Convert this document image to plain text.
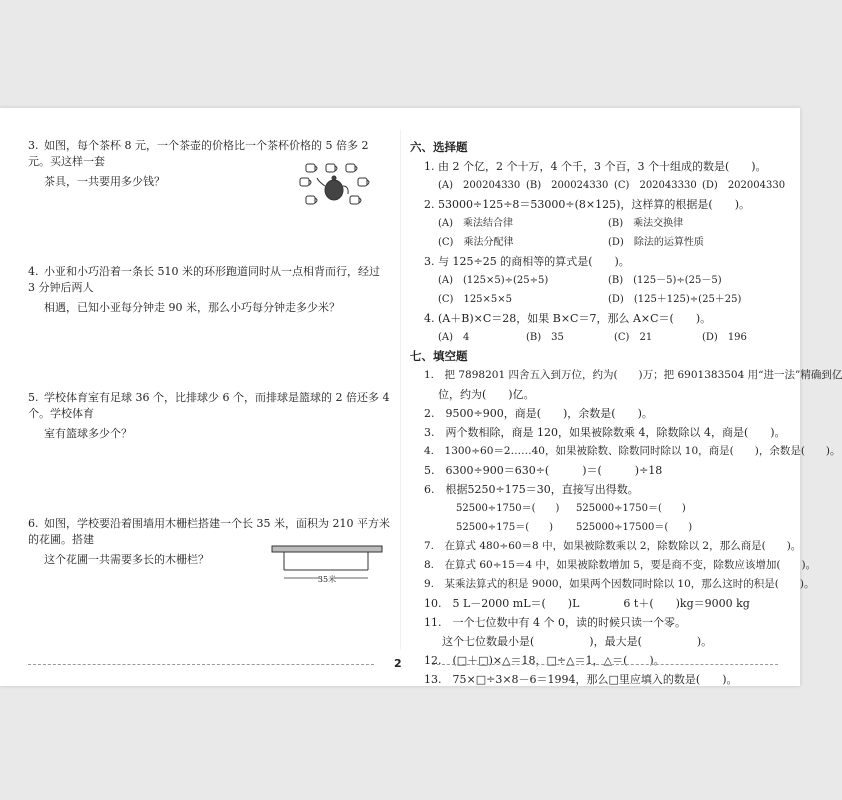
3. 如图，每个茶杯 8 元，一个茶壶的价格比一个茶杯价格的 5 倍多 2 元。买这样一套

茶具，一共要用多少钱？

4. 小亚和小巧沿着一条长 510 米的环形跑道同时从一点相背而行，经过 3 分钟后两人

相遇，已知小亚每分钟走 90 米，那么小巧每分钟走多少米？

5. 学校体育室有足球 36 个，比排球少 6 个，而排球是篮球的 2 倍还多 4 个。学校体育

室有篮球多少个？

6. 如图，学校要沿着围墙用木栅栏搭建一个长 35 米，面积为 210 平方米的花圃。搭建

这个花圃一共需要多长的木栅栏？

35米
六、选择题
1. 由 2 个亿，2 个十万，4 个千，3 个百，3 个十组成的数是(　　)。
(A)　200204330 (B)　200024330 (C)　202043330 (D)　202004330
2. 53000÷125÷8＝53000÷(8×125)，这样算的根据是(　　)。
(A)　乘法结合律	(B)　乘法交换律
(C)　乘法分配律	(D)　除法的运算性质
3. 与 125÷25 的商相等的算式是(　　)。
(A)　(125×5)÷(25÷5)	(B)　(125－5)÷(25－5)
(C)　125×5×5	(D)　(125＋125)÷(25＋25)
4. (A＋B)×C＝28，如果 B×C＝7，那么 A×C＝(　　)。
(A)　4	(B)　35	(C)　21	(D)　196
七、填空题
1.　把 7898201 四舍五入到万位，约为(　　)万；把 6901383504 用“进一法”精确到亿
位，约为(　　)亿。
2.　9500÷900，商是(　　)，余数是(　　)。
3.　两个数相除，商是 120，如果被除数乘 4，除数除以 4，商是(　　)。
4.　1300÷60＝2……40，如果被除数、除数同时除以 10，商是(　　)，余数是(　　)。
5.　6300÷900＝630÷(　　　)＝(　　　)÷18
6.　根据5250÷175＝30，直接写出得数。
52500÷1750＝(　　) 525000÷1750＝(　　)
52500÷175＝(　　) 525000÷17500＝(　　)
7.　在算式 480÷60＝8 中，如果被除数乘以 2，除数除以 2，那么商是(　　)。
8.　在算式 60÷15＝4 中，如果被除数增加 5，要是商不变，除数应该增加(　　)。
9.　某乘法算式的积是 9000，如果两个因数同时除以 10，那么这时的积是(　　)。
10.　5 L－2000 mL＝(　　)L　　　　6 t＋(　　)kg＝9000 kg
11.　一个七位数中有 4 个 0，读的时候只读一个零。
这个七位数最小是(　　　　　)，最大是(　　　　　)。
12.　(□＋□)×△＝18，□÷△＝1，△＝(　　)。
13.　75×□÷3×8－6＝1994，那么□里应填入的数是(　　)。
2
